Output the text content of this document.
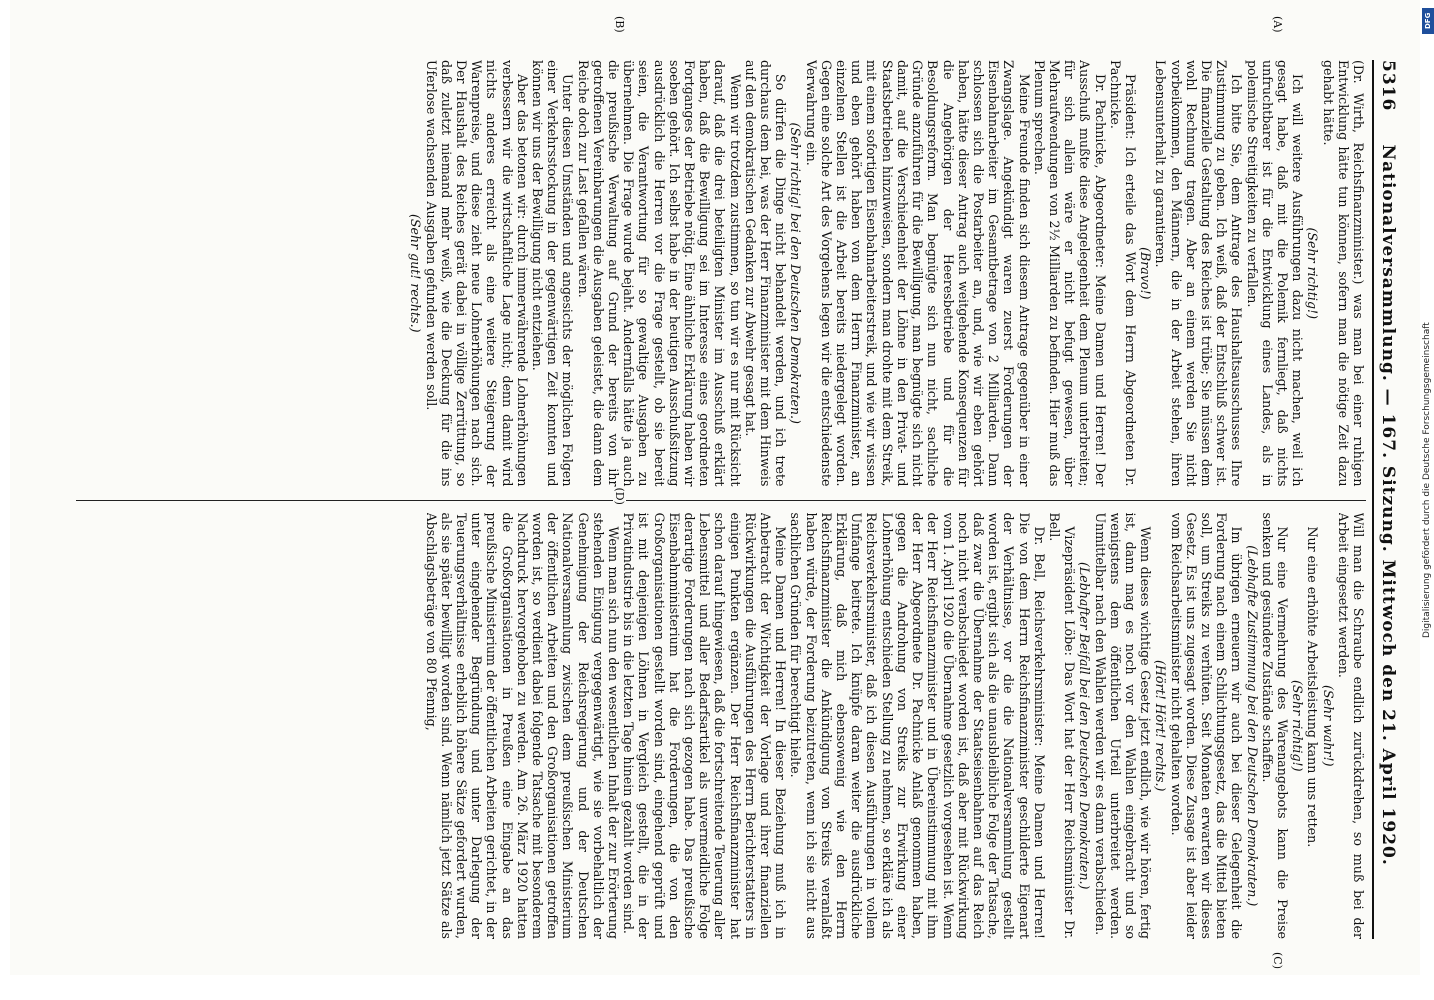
5316
Nationalversammlung. — 167. Sitzung. Mittwoch den 21. April 1920.
(A)
(B)
(C)
(D)

(Dr. Wirth, Reichsfinanzminister.) was man bei einer ruhigen Entwicklung hätte tun können, sofern man die nötige Zeit dazu gehabt hätte.

(Sehr richtig!)

Ich will weitere Ausführungen dazu nicht machen, weil ich gesagt habe, daß mit die Polemik fernliegt, daß nichts unfruchtbarer ist für die Entwicklung eines Landes, als in polemische Streitigkeiten zu verfallen.

Ich bitte Sie, dem Antrage des Haushaltsausschusses Ihre Zustimmung zu geben. Ich weiß, daß der Entschluß schwer ist. Die finanzielle Gestaltung des Reiches ist trübe; Sie müssen dem wohl Rechnung tragen. Aber an einem werden Sie nicht vorbeikommen, den Männern, die in der Arbeit stehen, ihren Lebensunterhalt zu garantieren.

(Bravo!)

Präsident: Ich erteile das Wort dem Herrn Abgeordneten Dr. Pachnicke.

Dr. Pachnicke, Abgeordneter: Meine Damen und Herren! Der Ausschuß mußte diese Angelegenheit dem Plenum unterbreiten; für sich allein wäre er nicht befugt gewesen, über Mehraufwendungen von 2½ Milliarden zu befinden. Hier muß das Plenum sprechen.

Meine Freunde finden sich diesem Antrage gegenüber in einer Zwangslage. Angekündigt waren zuerst Forderungen der Eisenbahnarbeiter im Gesamtbetrage von 2 Milliarden. Dann schlossen sich die Postarbeiter an, und, wie wir eben gehört haben, hätte dieser Antrag auch weitgehende Konsequenzen für die Angehörigen der Heeresbetriebe und für die Besoldungsreform. Man begnügte sich nun nicht, sachliche Gründe anzuführen für die Bewilligung, man begnügte sich nicht damit, auf die Verschiedenheit der Löhne in den Privat- und Staatsbetrieben hinzuweisen, sondern man drohte mit dem Streik, mit einem sofortigen Eisenbahnarbeiterstreik, und wie wir wissen und eben gehört haben von dem Herrn Finanzminister, an einzelnen Stellen ist die Arbeit bereits niedergelegt worden. Gegen eine solche Art des Vorgehens legen wir die entschiedenste Verwahrung ein.

(Sehr richtig! bei den Deutschen Demokraten.)

So dürfen die Dinge nicht behandelt werden, und ich trete durchaus dem bei, was der Herr Finanzminister mit dem Hinweis auf den demokratischen Gedanken zur Abwehr gesagt hat.

Wenn wir trotzdem zustimmen, so tun wir es nur mit Rücksicht darauf, daß die drei beteiligten Minister im Ausschuß erklärt haben, daß die Bewilligung sei im Interesse eines geordneten Fortganges der Betriebe nötig. Eine ähnliche Erklärung haben wir soeben gehört. Ich selbst habe in der heutigen Ausschußsitzung ausdrücklich die Herren vor die Frage gestellt, ob sie bereit seien, die Verantwortung für so gewaltige Ausgaben zu übernehmen. Die Frage wurde bejaht. Andernfalls hätte ja auch die preußische Verwaltung auf Grund der bereits von ihr getroffenen Vereinbarungen die Ausgaben geleistet, die dann dem Reiche doch zur Last gefallen wären.

Unter diesen Umständen und angesichts der möglichen Folgen einer Verkehrsstockung in der gegenwärtigen Zeit konnten und können wir uns der Bewilligung nicht entziehen.

Aber das betonen wir: durch immerwährende Lohnerhöhungen verbessern wir die wirtschaftliche Lage nicht; denn damit wird nichts anderes erreicht als eine weitere Steigerung der Warenpreise, und diese zieht neue Lohnerhöhungen nach sich. Der Haushalt des Reiches gerät dabei in völlige Zerrüttung, so daß zuletzt niemand mehr weiß, wie die Deckung für die ins Uferlose wachsenden Ausgaben gefunden werden soll.

(Sehr gut! rechts.)

Will man die Schraube endlich zurückdrehen, so muß bei der Arbeit eingesetzt werden.

(Sehr wahr!)

Nur eine erhöhte Arbeitsleistung kann uns retten.

(Sehr richtig!)

Nur eine Vermehrung des Warenangebots kann die Preise senken und gesündere Zustände schaffen.

(Lebhafte Zustimmung bei den Deutschen Demokraten.)

Im übrigen erneuern wir auch bei dieser Gelegenheit die Forderung nach einem Schlichtungsgesetz, das die Mittel bieten soll, um Streiks zu verhüten. Seit Monaten erwarten wir dieses Gesetz. Es ist uns zugesagt worden. Diese Zusage ist aber leider vom Reichsarbeitsminister nicht gehalten worden.

(Hört! Hört! rechts.)

Wenn dieses wichtige Gesetz jetzt endlich, wie wir hören, fertig ist, dann mag es noch vor den Wahlen eingebracht und so wenigstens dem öffentlichen Urteil unterbreitet werden. Unmittelbar nach den Wahlen werden wir es dann verabschieden.

(Lebhafter Beifall bei den Deutschen Demokraten.)

Vizepräsident Löbe: Das Wort hat der Herr Reichsminister Dr. Bell.

Dr. Bell, Reichsverkehrsminister: Meine Damen und Herren! Die von dem Herrn Reichsfinanzminister geschilderte Eigenart der Verhältnisse, vor die die Nationalversammlung gestellt worden ist, ergibt sich als die unausbleibliche Folge der Tatsache, daß zwar die Übernahme der Staatseisenbahnen auf das Reich noch nicht verabschiedet worden ist, daß aber mit Rückwirkung vom 1. April 1920 die Übernahme gesetzlich vorgesehen ist. Wenn der Herr Reichsfinanzminister und in Übereinstimmung mit ihm der Herr Abgeordnete Dr. Pachnicke Anlaß genommen haben, gegen die Androhung von Streiks zur Erwirkung einer Lohnerhöhung entschieden Stellung zu nehmen, so erkläre ich als Reichsverkehrsminister, daß ich diesen Ausführungen in vollem Umfange beitrete. Ich knüpfe daran weiter die ausdrückliche Erklärung, daß mich ebensowenig wie den Herrn Reichsfinanzminister die Ankündigung von Streiks veranlaßt haben würde, der Forderung beizutreten, wenn ich sie nicht aus sachlichen Gründen für berechtigt hielte.

Meine Damen und Herren! In dieser Beziehung muß ich in Anbetracht der Wichtigkeit der Vorlage und ihrer finanziellen Rückwirkungen die Ausführungen des Herrn Berichterstatters in einigen Punkten ergänzen. Der Herr Reichsfinanzminister hat schon darauf hingewiesen, daß die fortschreitende Teuerung aller Lebensmittel und aller Bedarfsartikel als unvermeidliche Folge derartige Forderungen nach sich gezogen habe. Das preußische Eisenbahnministerium hat die Forderungen, die von den Großorganisationen gestellt worden sind, eingehend geprüft und ist mit denjenigen Löhnen in Vergleich gestellt, die in der Privatindustrie bis in die letzten Tage hinein gezahlt worden sind.

Wenn man sich nun den wesentlichen Inhalt der zur Erörterung stehenden Einigung vergegenwärtigt, wie sie vorbehaltlich der Genehmigung der Reichsregierung und der Deutschen Nationalversammlung zwischen dem preußischen Ministerium der öffentlichen Arbeiten und den Großorganisationen getroffen worden ist, so verdient dabei folgende Tatsache mit besonderem Nachdruck hervorgehoben zu werden. Am 26. März 1920 hatten die Großorganisationen in Preußen eine Eingabe an das preußische Ministerium der öffentlichen Arbeiten gerichtet, in der unter eingehender Begründung und unter Darlegung der Teuerungsverhältnisse erheblich höhere Sätze gefordert wurden, als sie später bewilligt worden sind. Wenn nämlich jetzt Sätze als Abschlagsbeträge von 80 Pfennig,

DFG
Digitalisierung gefördert durch die Deutsche Forschungsgemeinschaft
